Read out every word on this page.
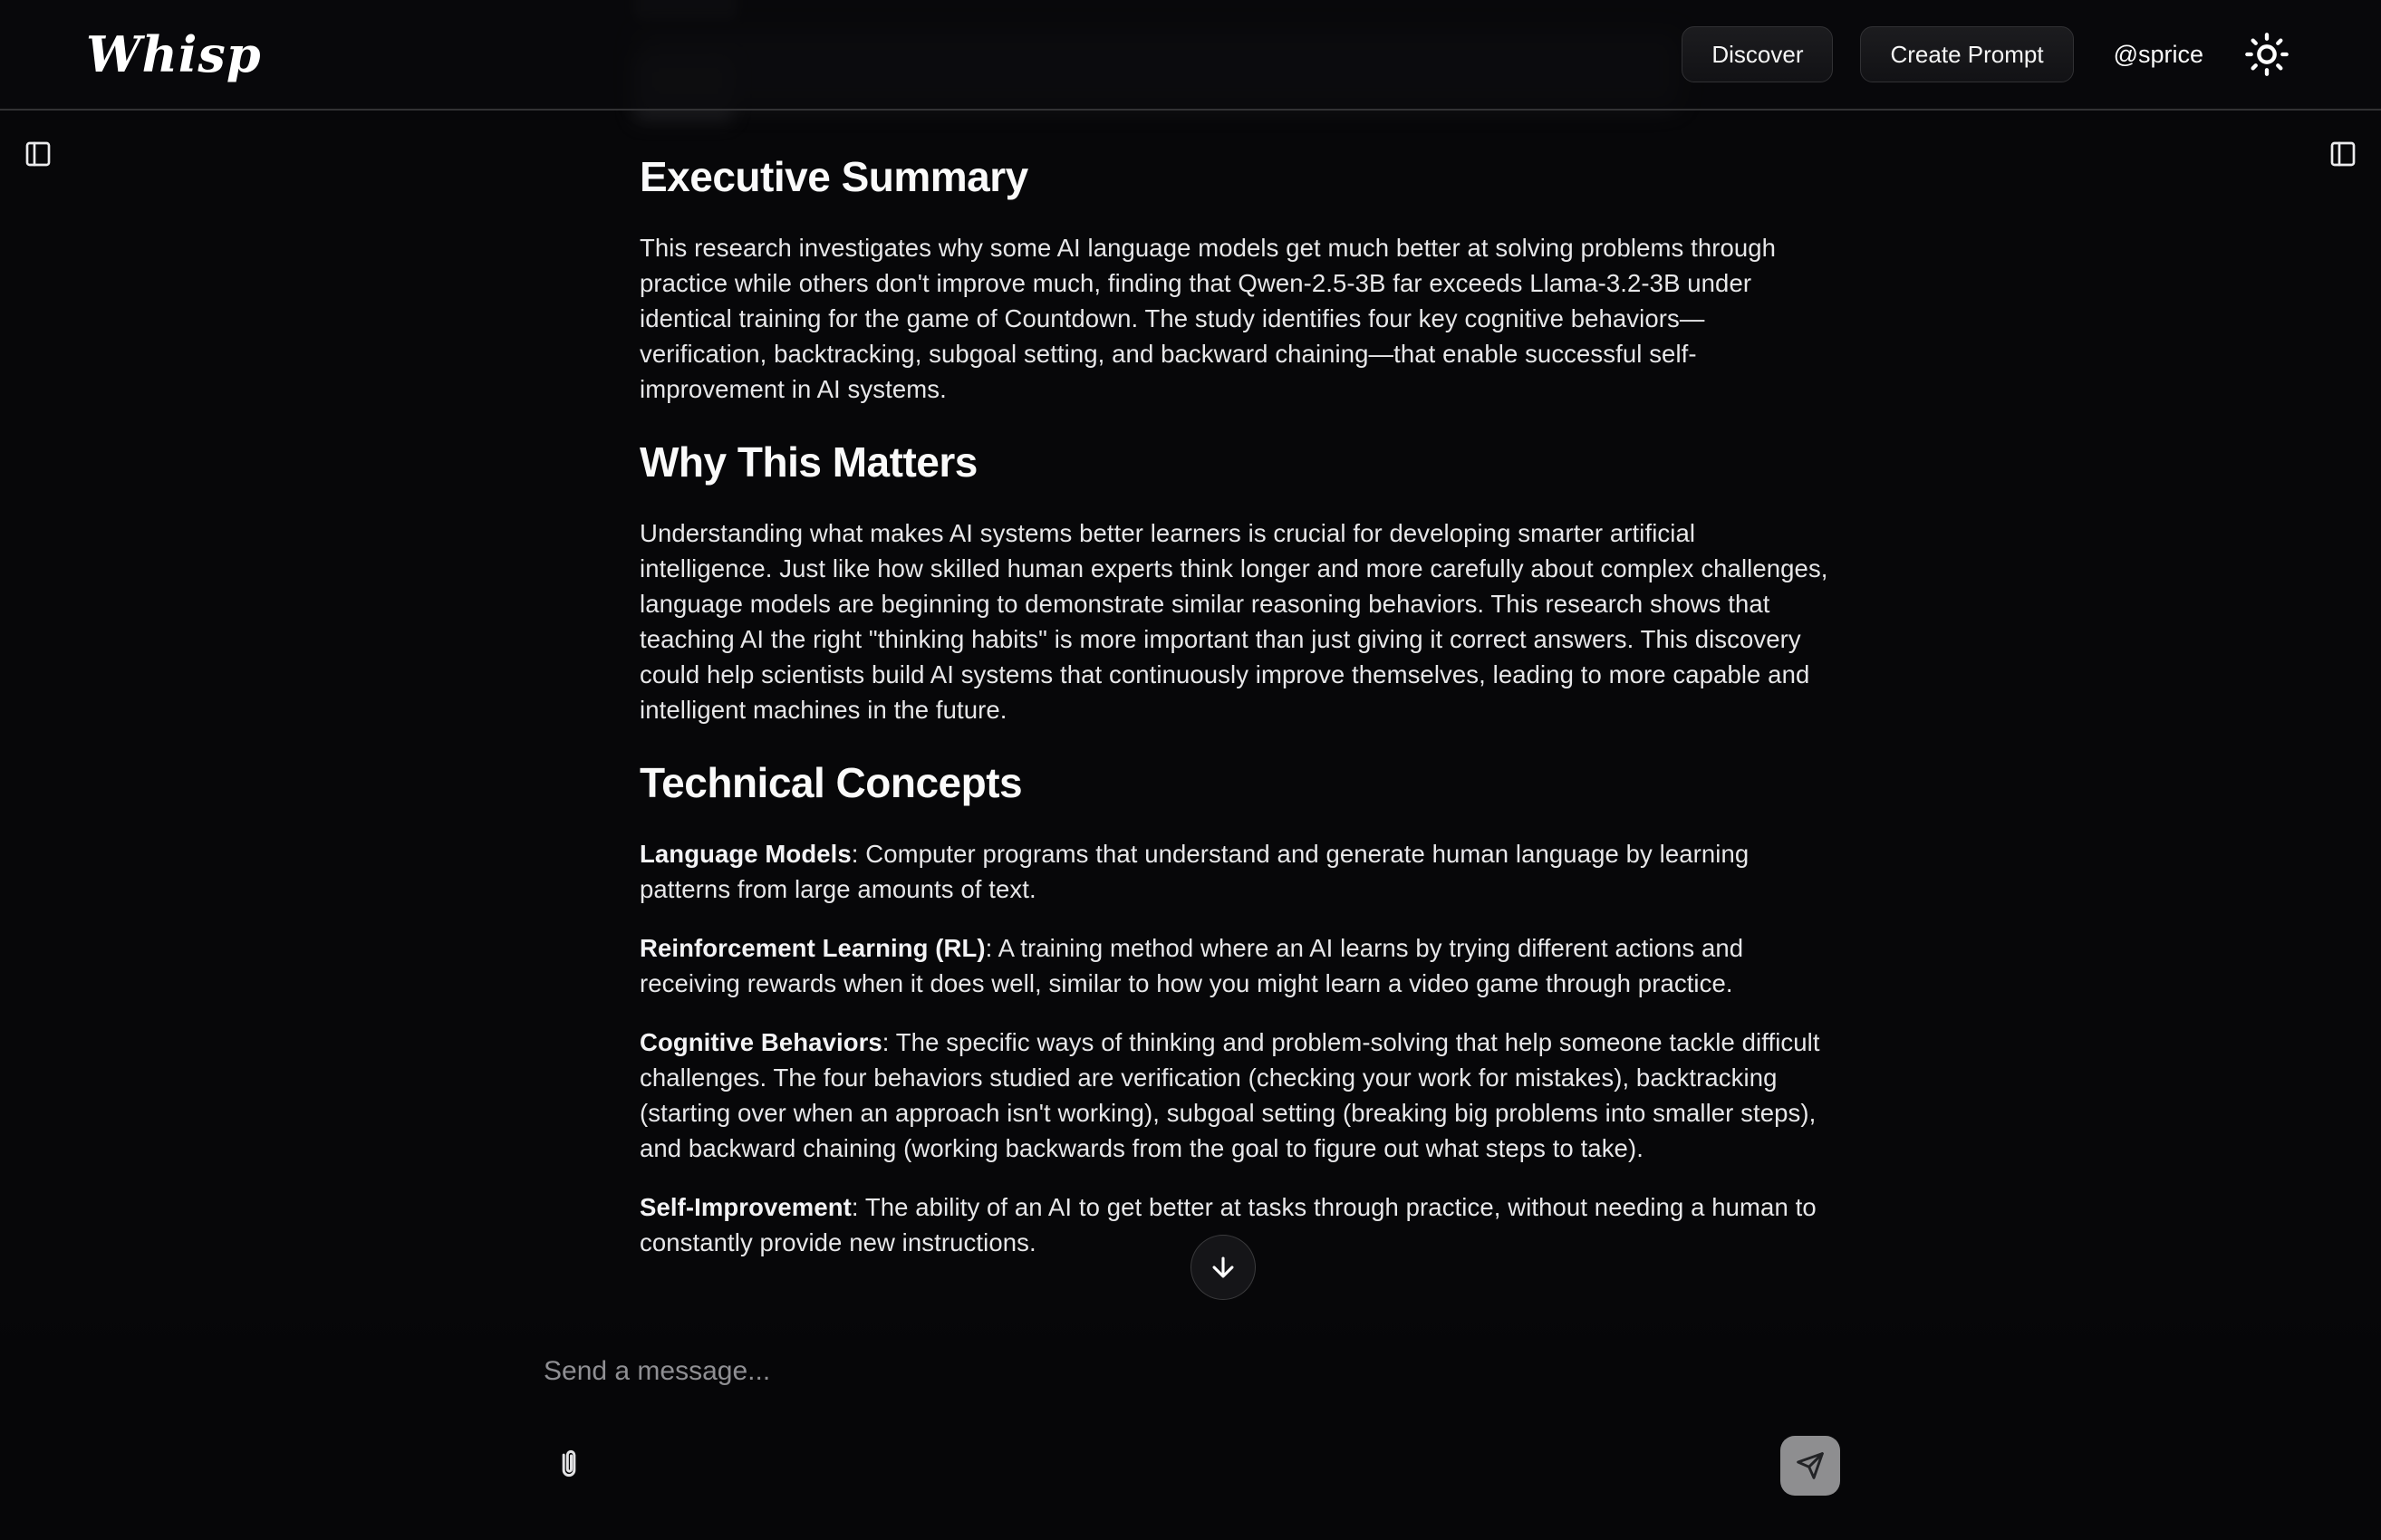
Whisp	Discover	Create Prompt	@sprice
Executive Summary

This research investigates why some AI language models get much better at solving problems through practice while others don't improve much, finding that Qwen-2.5-3B far exceeds Llama-3.2-3B under identical training for the game of Countdown. The study identifies four key cognitive behaviors—verification, backtracking, subgoal setting, and backward chaining—that enable successful self-improvement in AI systems.

Why This Matters

Understanding what makes AI systems better learners is crucial for developing smarter artificial intelligence. Just like how skilled human experts think longer and more carefully about complex challenges, language models are beginning to demonstrate similar reasoning behaviors. This research shows that teaching AI the right "thinking habits" is more important than just giving it correct answers. This discovery could help scientists build AI systems that continuously improve themselves, leading to more capable and intelligent machines in the future.

Technical Concepts

Language Models: Computer programs that understand and generate human language by learning patterns from large amounts of text.

Reinforcement Learning (RL): A training method where an AI learns by trying different actions and receiving rewards when it does well, similar to how you might learn a video game through practice.

Cognitive Behaviors: The specific ways of thinking and problem-solving that help someone tackle difficult challenges. The four behaviors studied are verification (checking your work for mistakes), backtracking (starting over when an approach isn't working), subgoal setting (breaking big problems into smaller steps), and backward chaining (working backwards from the goal to figure out what steps to take).

Self-Improvement: The ability of an AI to get better at tasks through practice, without needing a human to constantly provide new instructions.

Send a message...
